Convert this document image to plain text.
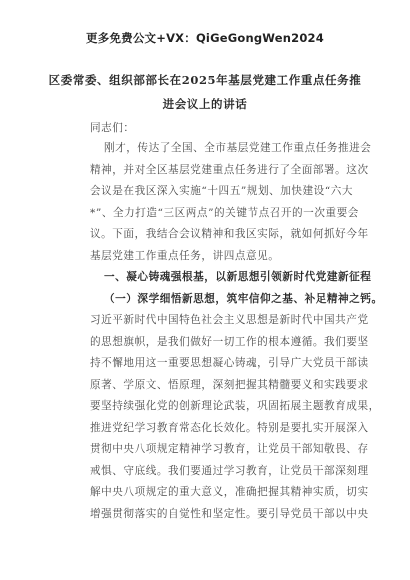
更多免费公文+VX：QiGeGongWen2024
区委常委、组织部部长在2025年基层党建工作重点任务推
进会议上的讲话
同志们：
刚才，传达了全国、全市基层党建工作重点任务推进会
精神，并对全区基层党建重点任务进行了全面部署。这次
会议是在我区深入实施“十四五”规划、加快建设“六大
*”、全力打造“三区两点”的关键节点召开的一次重要会
议。下面，我结合会议精神和我区实际，就如何抓好今年
基层党建工作重点任务，讲四点意见。
一、凝心铸魂强根基，以新思想引领新时代党建新征程
（一）深学细悟新思想，筑牢信仰之基、补足精神之钙。
习近平新时代中国特色社会主义思想是新时代中国共产党
的思想旗帜，是我们做好一切工作的根本遵循。我们要坚
持不懈地用这一重要思想凝心铸魂，引导广大党员干部读
原著、学原文、悟原理，深刻把握其精髓要义和实践要求
要坚持续强化党的创新理论武装，巩固拓展主题教育成果，
推进党纪学习教育常态化长效化。特别是要扎实开展深入
贯彻中央八项规定精神学习教育，让党员干部知敬畏、存
戒惧、守底线。我们要通过学习教育，让党员干部深刻理
解中央八项规定的重大意义，准确把握其精神实质，切实
增强贯彻落实的自觉性和坚定性。要引导党员干部以中央
